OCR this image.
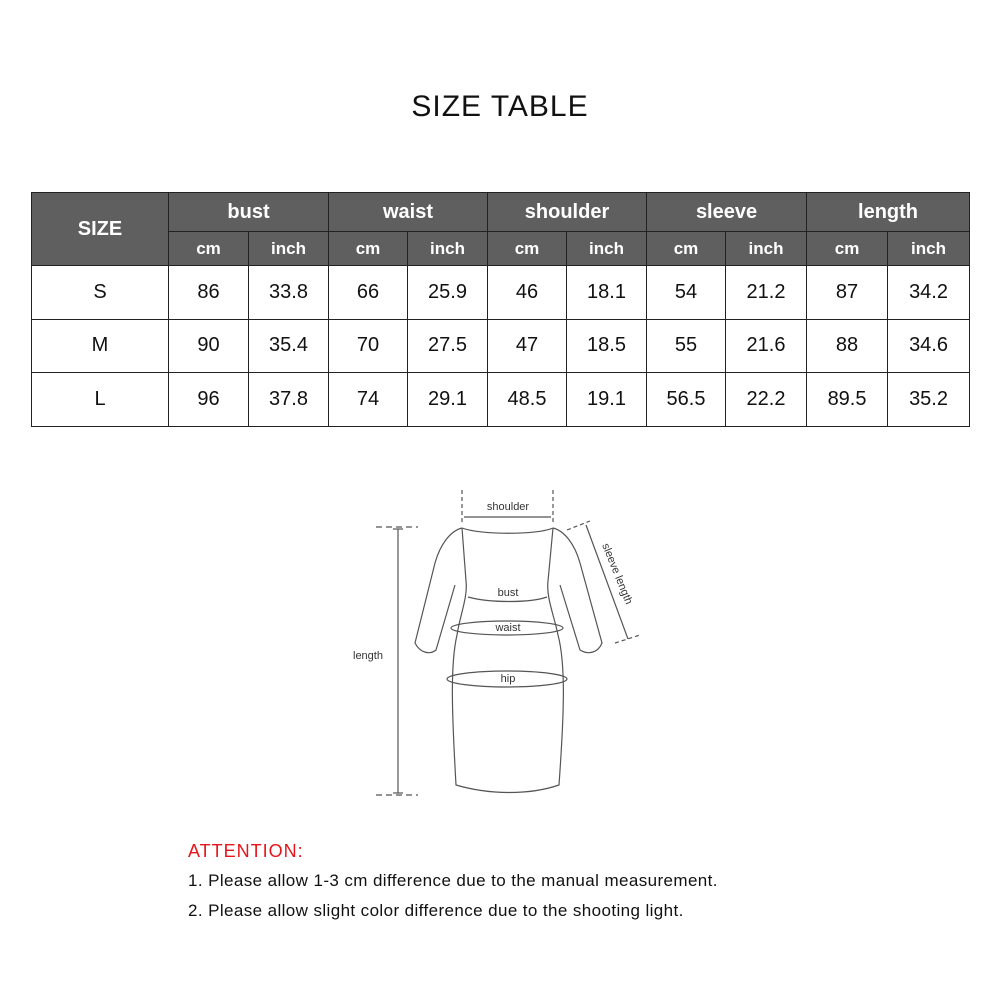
SIZE TABLE
SIZE	bust		waist		shoulder		sleeve		length	
	cm	inch	cm	inch	cm	inch	cm	inch	cm	inch
S	86	33.8	66	25.9	46	18.1	54	21.2	87	34.2
M	90	35.4	70	27.5	47	18.5	55	21.6	88	34.6
L	96	37.8	74	29.1	48.5	19.1	56.5	22.2	89.5	35.2
shoulder
bust
waist
hip
length
sleeve length
ATTENTION:
1. Please allow 1-3 cm difference due to the manual measurement.
2. Please allow slight color difference due to the shooting light.
